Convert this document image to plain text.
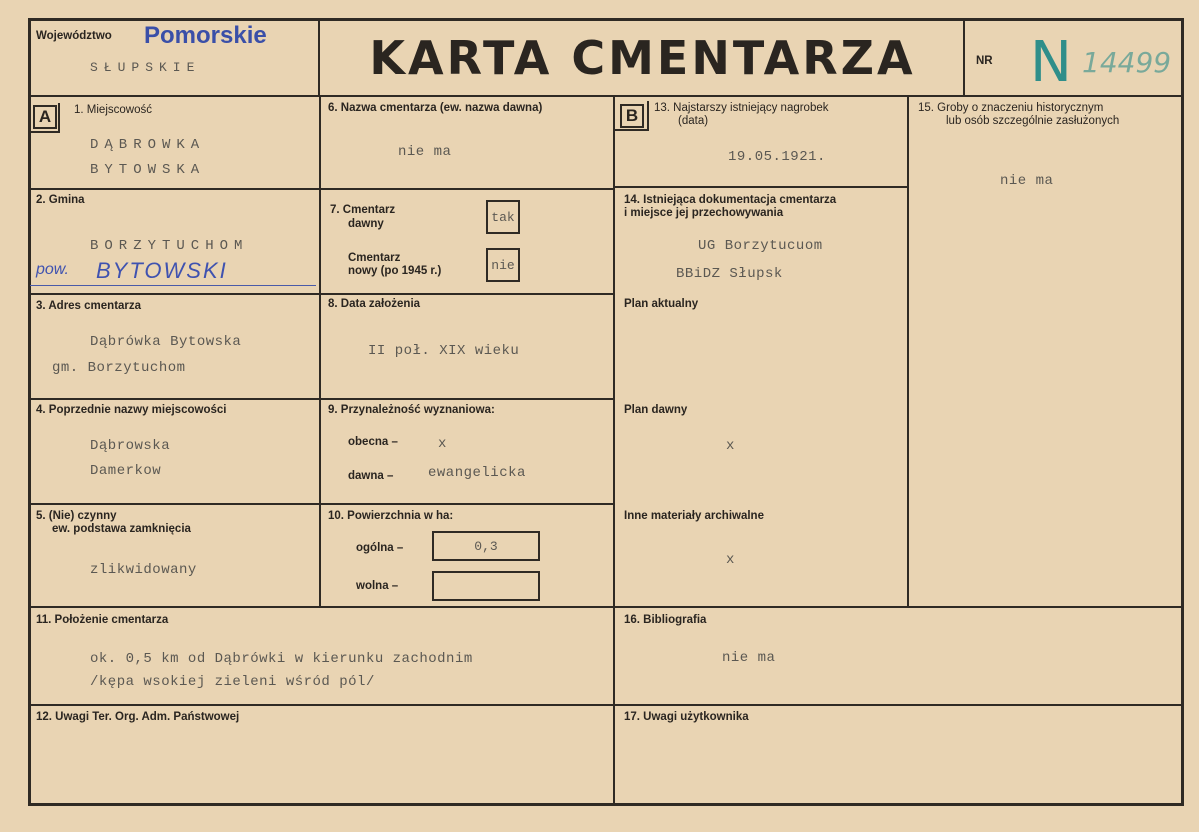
Województwo Pomorskie
SŁUPSKIE	KARTA CMENTARZA	NR N 14499
A	B
1. Miejscowość
DĄBROWKA
BYTOWSKA
2. Gmina
BORZYTUCHOM
pow. BYTOWSKI
3. Adres cmentarza
Dąbrówka Bytowska
gm. Borzytuchom
4. Poprzednie nazwy miejscowości
Dąbrowska
Damerkow
5. (Nie) czynny
ew. podstawa zamknięcia
zlikwidowany
6. Nazwa cmentarza (ew. nazwa dawna)
nie ma
7. Cmentarz
dawny	tak
Cmentarz
nowy (po 1945 r.)	nie
8. Data założenia
II poł. XIX wieku
9. Przynależność wyznaniowa:
obecna –	x
dawna – ewangelicka
10. Powierzchnia w ha:
ogólna –	0,3
wolna –
11. Położenie cmentarza
ok. 0,5 km od Dąbrówki w kierunku zachodnim
/kępa wsokiej zieleni wśród pól/
12. Uwagi Ter. Org. Adm. Państwowej
13. Najstarszy istniejący nagrobek
(data)
19.05.1921.
14. Istniejąca dokumentacja cmentarza
i miejsce jej przechowywania
UG Borzytucuom
BBiDZ Słupsk
Plan aktualny
Plan dawny
x
Inne materiały archiwalne
x
15. Groby o znaczeniu historycznym
lub osób szczególnie zasłużonych
nie ma
16. Bibliografia
nie ma
17. Uwagi użytkownika
